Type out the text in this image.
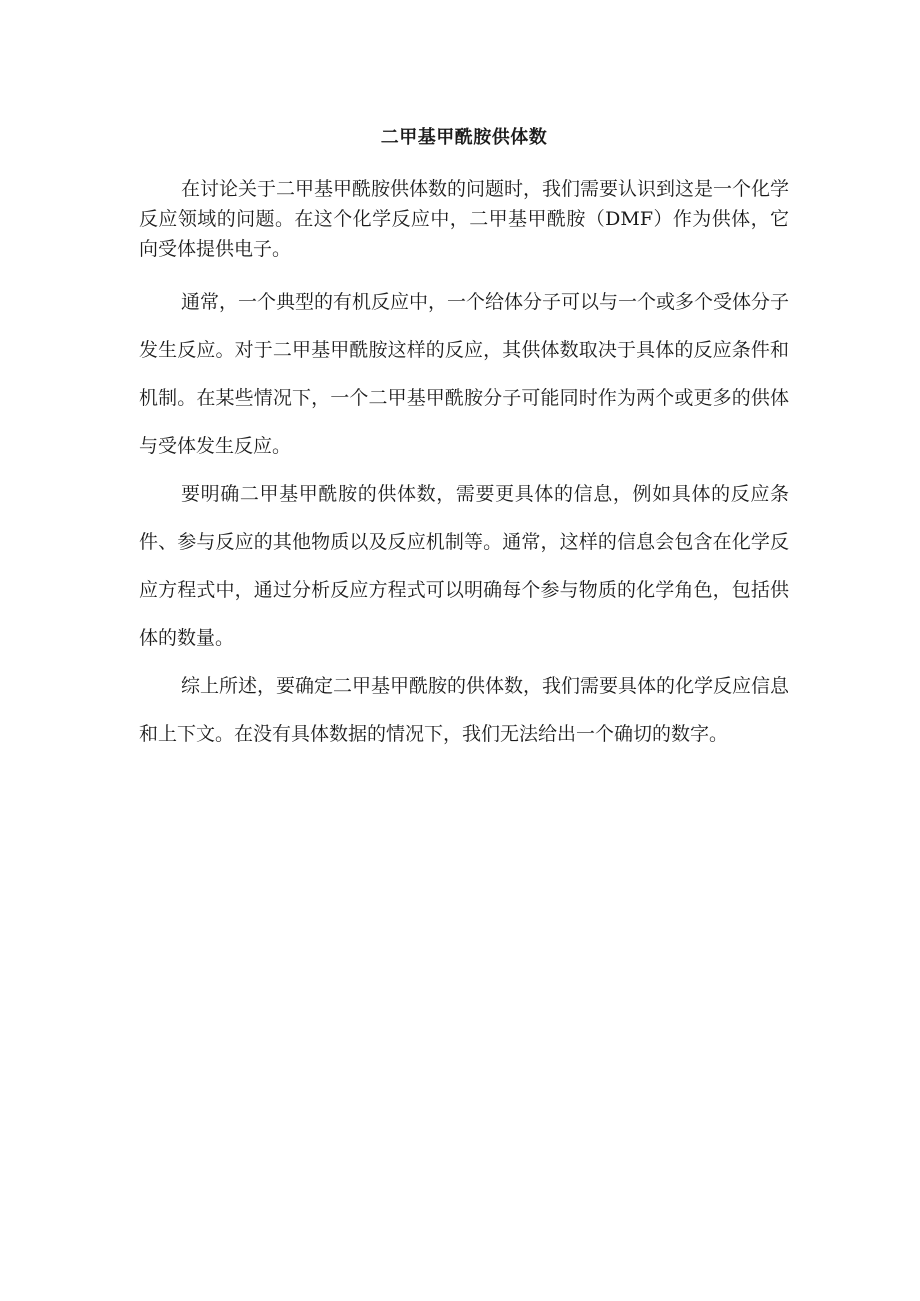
二甲基甲酰胺供体数

在讨论关于二甲基甲酰胺供体数的问题时，我们需要认识到这是一个化学反应领域的问题。在这个化学反应中，二甲基甲酰胺（DMF）作为供体，它向受体提供电子。

通常，一个典型的有机反应中，一个给体分子可以与一个或多个受体分子发生反应。对于二甲基甲酰胺这样的反应，其供体数取决于具体的反应条件和机制。在某些情况下，一个二甲基甲酰胺分子可能同时作为两个或更多的供体与受体发生反应。

要明确二甲基甲酰胺的供体数，需要更具体的信息，例如具体的反应条件、参与反应的其他物质以及反应机制等。通常，这样的信息会包含在化学反应方程式中，通过分析反应方程式可以明确每个参与物质的化学角色，包括供体的数量。

综上所述，要确定二甲基甲酰胺的供体数，我们需要具体的化学反应信息和上下文。在没有具体数据的情况下，我们无法给出一个确切的数字。
